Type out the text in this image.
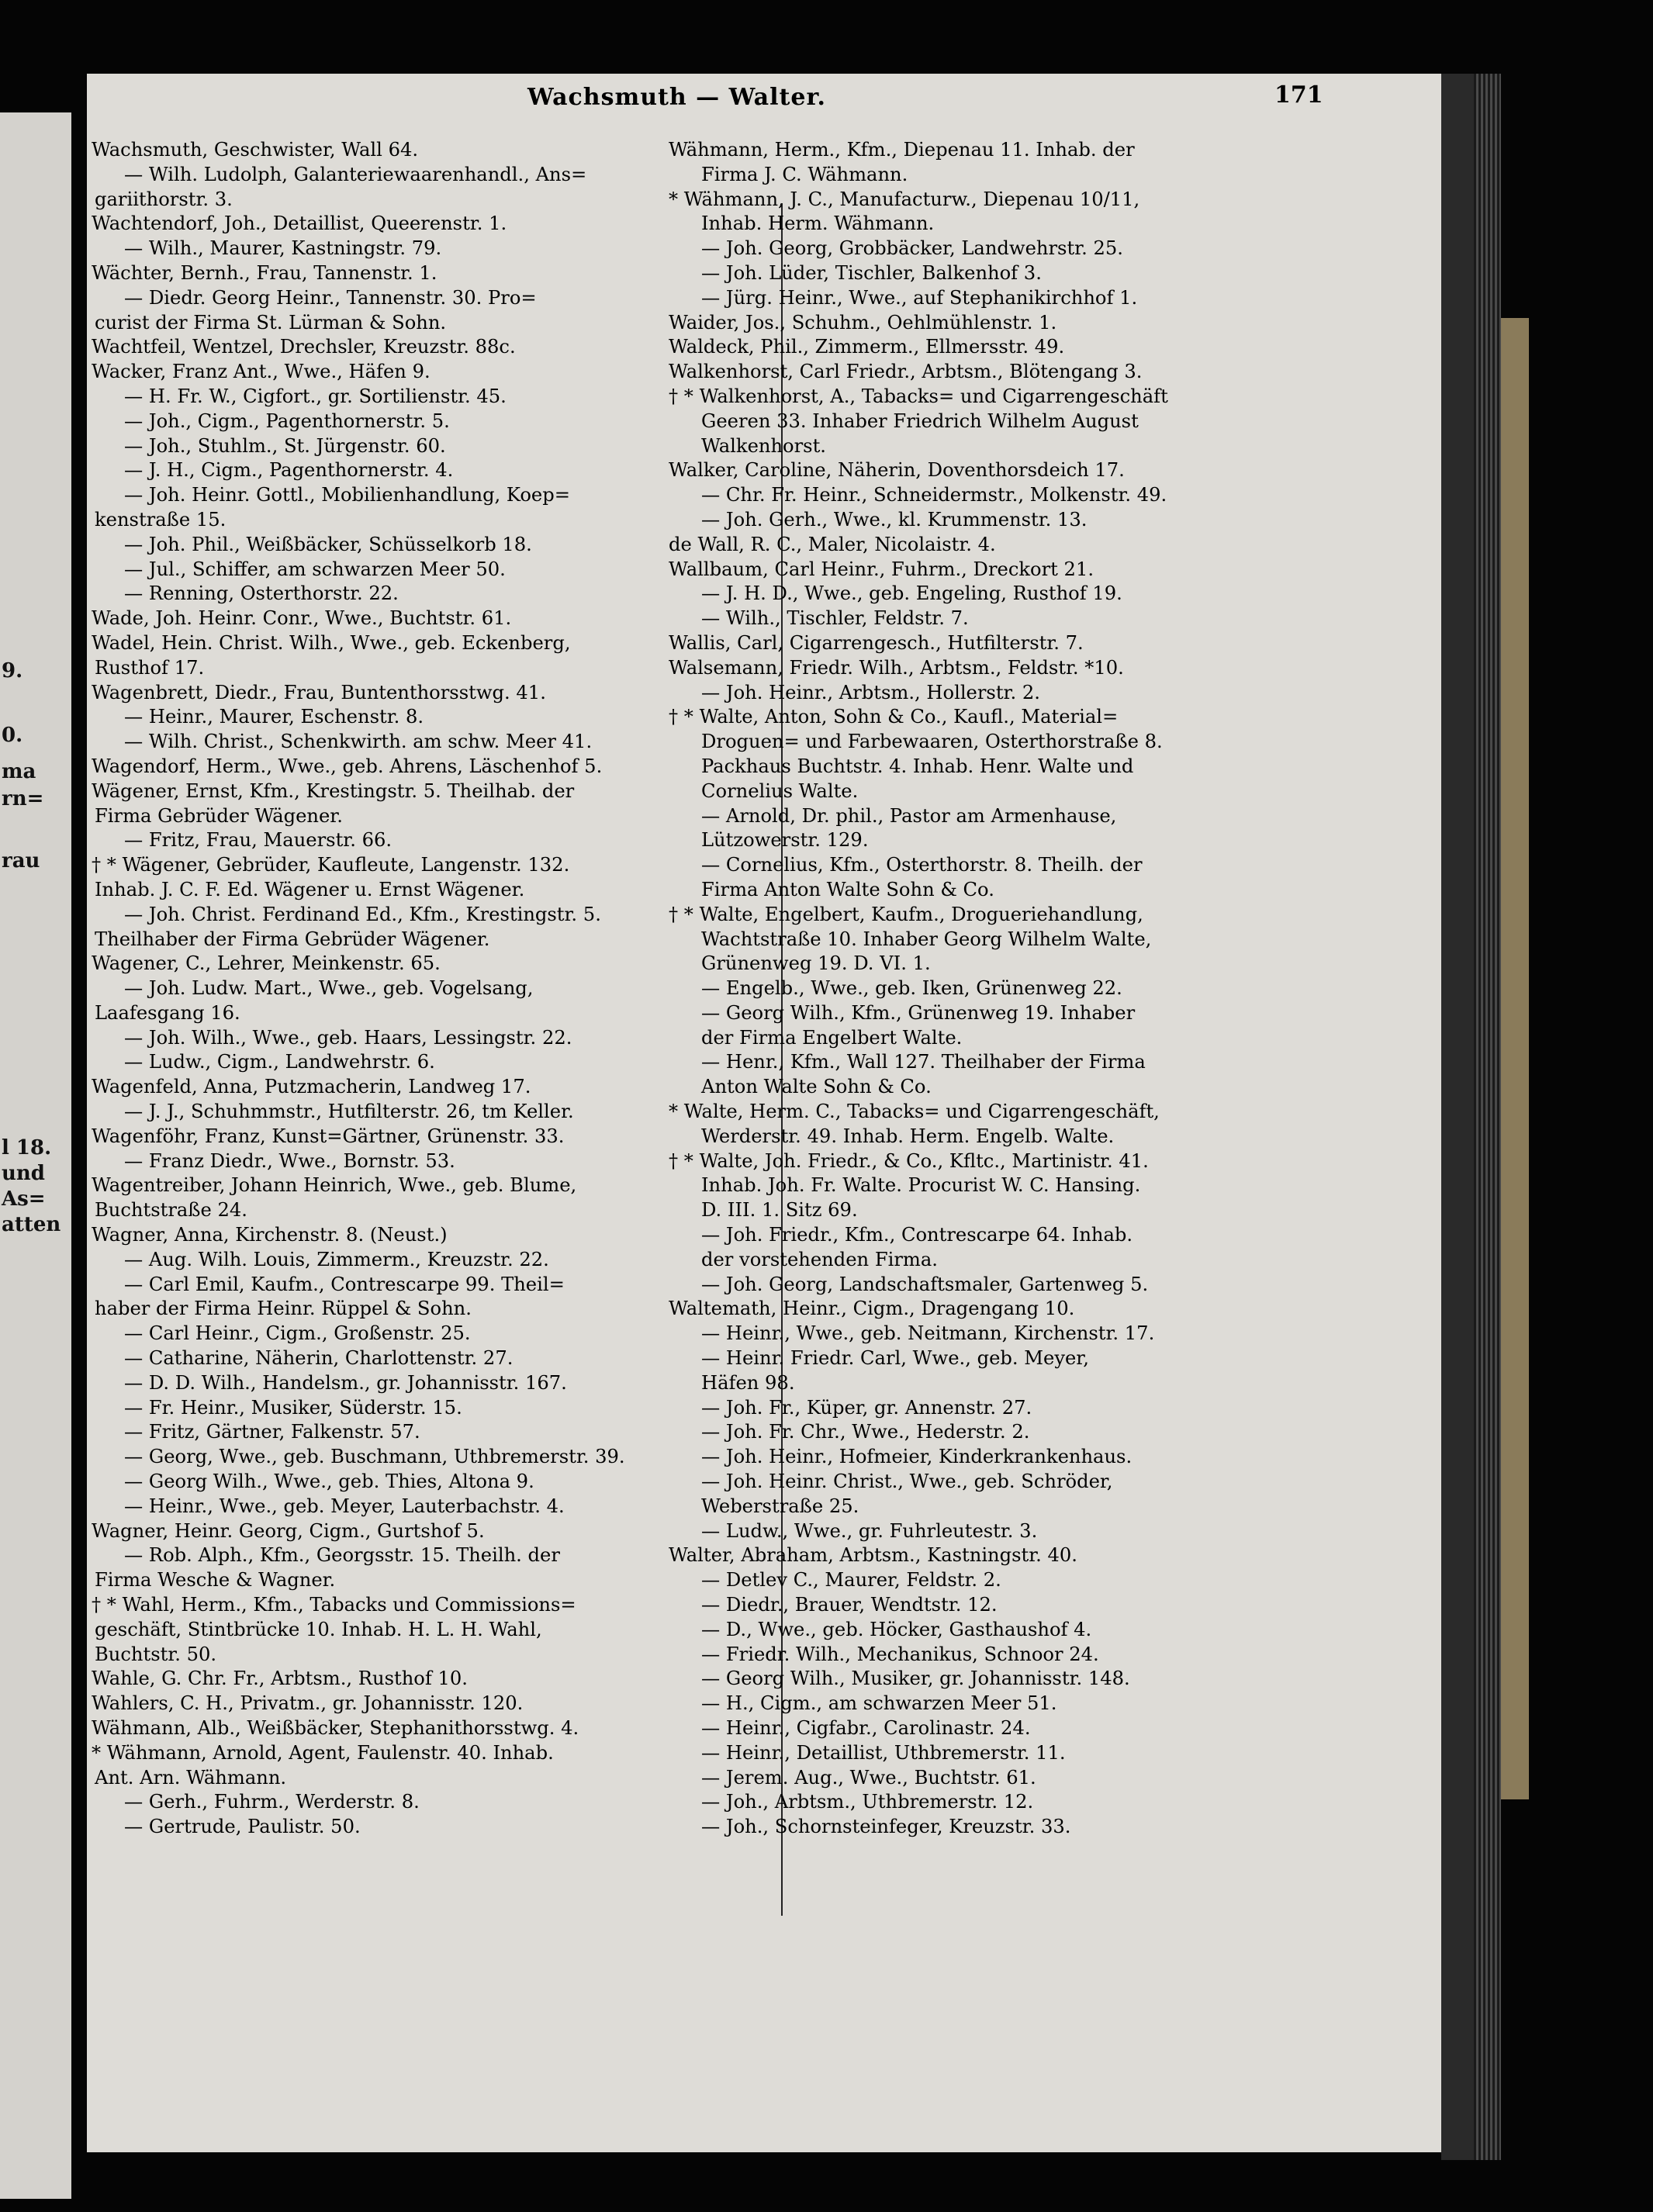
9.
0.
ma
rn=
rau
l 18.
und
As=
atten
Wachsmuth — Walter.	171
Wachsmuth, Geschwister, Wall 64.
— Wilh. Ludolph, Galanteriewaarenhandl., Ans=
gariithorstr. 3.
Wachtendorf, Joh., Detaillist, Queerenstr. 1.
— Wilh., Maurer, Kastningstr. 79.
Wächter, Bernh., Frau, Tannenstr. 1.
— Diedr. Georg Heinr., Tannenstr. 30. Pro=
curist der Firma St. Lürman & Sohn.
Wachtfeil, Wentzel, Drechsler, Kreuzstr. 88c.
Wacker, Franz Ant., Wwe., Häfen 9.
— H. Fr. W., Cigfort., gr. Sortilienstr. 45.
— Joh., Cigm., Pagenthornerstr. 5.
— Joh., Stuhlm., St. Jürgenstr. 60.
— J. H., Cigm., Pagenthornerstr. 4.
— Joh. Heinr. Gottl., Mobilienhandlung, Koep=
kenstraße 15.
— Joh. Phil., Weißbäcker, Schüsselkorb 18.
— Jul., Schiffer, am schwarzen Meer 50.
— Renning, Osterthorstr. 22.
Wade, Joh. Heinr. Conr., Wwe., Buchtstr. 61.
Wadel, Hein. Christ. Wilh., Wwe., geb. Eckenberg,
Rusthof 17.
Wagenbrett, Diedr., Frau, Buntenthorsstwg. 41.
— Heinr., Maurer, Eschenstr. 8.
— Wilh. Christ., Schenkwirth. am schw. Meer 41.
Wagendorf, Herm., Wwe., geb. Ahrens, Läschenhof 5.
Wägener, Ernst, Kfm., Krestingstr. 5. Theilhab. der
Firma Gebrüder Wägener.
— Fritz, Frau, Mauerstr. 66.
† * Wägener, Gebrüder, Kaufleute, Langenstr. 132.
Inhab. J. C. F. Ed. Wägener u. Ernst Wägener.
— Joh. Christ. Ferdinand Ed., Kfm., Krestingstr. 5.
Theilhaber der Firma Gebrüder Wägener.
Wagener, C., Lehrer, Meinkenstr. 65.
— Joh. Ludw. Mart., Wwe., geb. Vogelsang,
Laafesgang 16.
— Joh. Wilh., Wwe., geb. Haars, Lessingstr. 22.
— Ludw., Cigm., Landwehrstr. 6.
Wagenfeld, Anna, Putzmacherin, Landweg 17.
— J. J., Schuhmmstr., Hutfilterstr. 26, tm Keller.
Wagenföhr, Franz, Kunst=Gärtner, Grünenstr. 33.
— Franz Diedr., Wwe., Bornstr. 53.
Wagentreiber, Johann Heinrich, Wwe., geb. Blume,
Buchtstraße 24.
Wagner, Anna, Kirchenstr. 8. (Neust.)
— Aug. Wilh. Louis, Zimmerm., Kreuzstr. 22.
— Carl Emil, Kaufm., Contrescarpe 99. Theil=
haber der Firma Heinr. Rüppel & Sohn.
— Carl Heinr., Cigm., Großenstr. 25.
— Catharine, Näherin, Charlottenstr. 27.
— D. D. Wilh., Handelsm., gr. Johannisstr. 167.
— Fr. Heinr., Musiker, Süderstr. 15.
— Fritz, Gärtner, Falkenstr. 57.
— Georg, Wwe., geb. Buschmann, Uthbremerstr. 39.
— Georg Wilh., Wwe., geb. Thies, Altona 9.
— Heinr., Wwe., geb. Meyer, Lauterbachstr. 4.
Wagner, Heinr. Georg, Cigm., Gurtshof 5.
— Rob. Alph., Kfm., Georgsstr. 15. Theilh. der
Firma Wesche & Wagner.
† * Wahl, Herm., Kfm., Tabacks und Commissions=
geschäft, Stintbrücke 10. Inhab. H. L. H. Wahl,
Buchtstr. 50.
Wahle, G. Chr. Fr., Arbtsm., Rusthof 10.
Wahlers, C. H., Privatm., gr. Johannisstr. 120.
Wähmann, Alb., Weißbäcker, Stephanithorsstwg. 4.
* Wähmann, Arnold, Agent, Faulenstr. 40. Inhab.
Ant. Arn. Wähmann.
— Gerh., Fuhrm., Werderstr. 8.
— Gertrude, Paulistr. 50.
Wähmann, Herm., Kfm., Diepenau 11. Inhab. der
Firma J. C. Wähmann.
* Wähmann, J. C., Manufacturw., Diepenau 10/11,
Inhab. Herm. Wähmann.
— Joh. Georg, Grobbäcker, Landwehrstr. 25.
— Joh. Lüder, Tischler, Balkenhof 3.
— Jürg. Heinr., Wwe., auf Stephanikirchhof 1.
Waider, Jos., Schuhm., Oehlmühlenstr. 1.
Waldeck, Phil., Zimmerm., Ellmersstr. 49.
Walkenhorst, Carl Friedr., Arbtsm., Blötengang 3.
† * Walkenhorst, A., Tabacks= und Cigarrengeschäft
Geeren 33. Inhaber Friedrich Wilhelm August
Walkenhorst.
Walker, Caroline, Näherin, Doventhorsdeich 17.
— Chr. Fr. Heinr., Schneidermstr., Molkenstr. 49.
— Joh. Gerh., Wwe., kl. Krummenstr. 13.
de Wall, R. C., Maler, Nicolaistr. 4.
Wallbaum, Carl Heinr., Fuhrm., Dreckort 21.
— J. H. D., Wwe., geb. Engeling, Rusthof 19.
— Wilh., Tischler, Feldstr. 7.
Wallis, Carl, Cigarrengesch., Hutfilterstr. 7.
Walsemann, Friedr. Wilh., Arbtsm., Feldstr. *10.
— Joh. Heinr., Arbtsm., Hollerstr. 2.
† * Walte, Anton, Sohn & Co., Kaufl., Material=
Droguen= und Farbewaaren, Osterthorstraße 8.
Packhaus Buchtstr. 4. Inhab. Henr. Walte und
Cornelius Walte.
— Arnold, Dr. phil., Pastor am Armenhause,
Lützowerstr. 129.
— Cornelius, Kfm., Osterthorstr. 8. Theilh. der
Firma Anton Walte Sohn & Co.
† * Walte, Engelbert, Kaufm., Drogueriehandlung,
Wachtstraße 10. Inhaber Georg Wilhelm Walte,
Grünenweg 19. D. VI. 1.
— Engelb., Wwe., geb. Iken, Grünenweg 22.
— Georg Wilh., Kfm., Grünenweg 19. Inhaber
der Firma Engelbert Walte.
— Henr., Kfm., Wall 127. Theilhaber der Firma
Anton Walte Sohn & Co.
* Walte, Herm. C., Tabacks= und Cigarrengeschäft,
Werderstr. 49. Inhab. Herm. Engelb. Walte.
† * Walte, Joh. Friedr., & Co., Kfltc., Martinistr. 41.
Inhab. Joh. Fr. Walte. Procurist W. C. Hansing.
D. III. 1. Sitz 69.
— Joh. Friedr., Kfm., Contrescarpe 64. Inhab.
der vorstehenden Firma.
— Joh. Georg, Landschaftsmaler, Gartenweg 5.
Waltemath, Heinr., Cigm., Dragengang 10.
— Heinr., Wwe., geb. Neitmann, Kirchenstr. 17.
— Heinr. Friedr. Carl, Wwe., geb. Meyer,
Häfen 98.
— Joh. Fr., Küper, gr. Annenstr. 27.
— Joh. Fr. Chr., Wwe., Hederstr. 2.
— Joh. Heinr., Hofmeier, Kinderkrankenhaus.
— Joh. Heinr. Christ., Wwe., geb. Schröder,
Weberstraße 25.
— Ludw., Wwe., gr. Fuhrleutestr. 3.
Walter, Abraham, Arbtsm., Kastningstr. 40.
— Detlev C., Maurer, Feldstr. 2.
— Diedr., Brauer, Wendtstr. 12.
— D., Wwe., geb. Höcker, Gasthaushof 4.
— Friedr. Wilh., Mechanikus, Schnoor 24.
— Georg Wilh., Musiker, gr. Johannisstr. 148.
— H., Cigm., am schwarzen Meer 51.
— Heinr., Cigfabr., Carolinastr. 24.
— Heinr., Detaillist, Uthbremerstr. 11.
— Jerem. Aug., Wwe., Buchtstr. 61.
— Joh., Arbtsm., Uthbremerstr. 12.
— Joh., Schornsteinfeger, Kreuzstr. 33.
